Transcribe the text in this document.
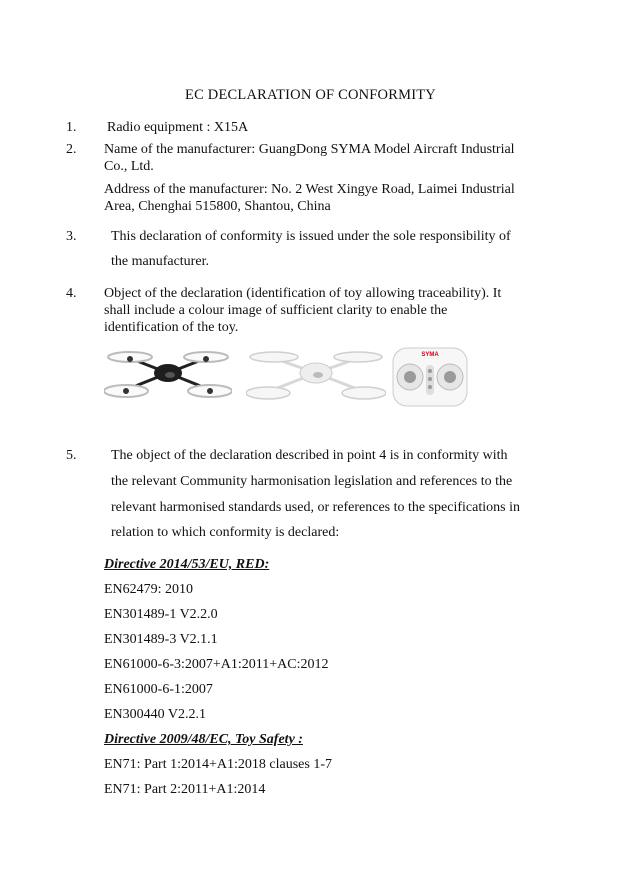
EC DECLARATION OF CONFORMITY
1. Radio equipment : X15A
2. Name of the manufacturer: GuangDong SYMA Model Aircraft Industrial
Co., Ltd.
Address of the manufacturer: No. 2 West Xingye Road, Laimei Industrial
Area, Chenghai 515800, Shantou, China
3. This declaration of conformity is issued under the sole responsibility of
the manufacturer.
4. Object of the declaration (identification of toy allowing traceability). It
shall include a colour image of sufficient clarity to enable the
identification of the toy.
SYMA
5. The object of the declaration described in point 4 is in conformity with
the relevant Community harmonisation legislation and references to the
relevant harmonised standards used, or references to the specifications in
relation to which conformity is declared:
Directive 2014/53/EU, RED:
EN62479: 2010
EN301489-1 V2.2.0
EN301489-3 V2.1.1
EN61000-6-3:2007+A1:2011+AC:2012
EN61000-6-1:2007
EN300440 V2.2.1
Directive 2009/48/EC, Toy Safety :
EN71: Part 1:2014+A1:2018 clauses 1-7
EN71: Part 2:2011+A1:2014
